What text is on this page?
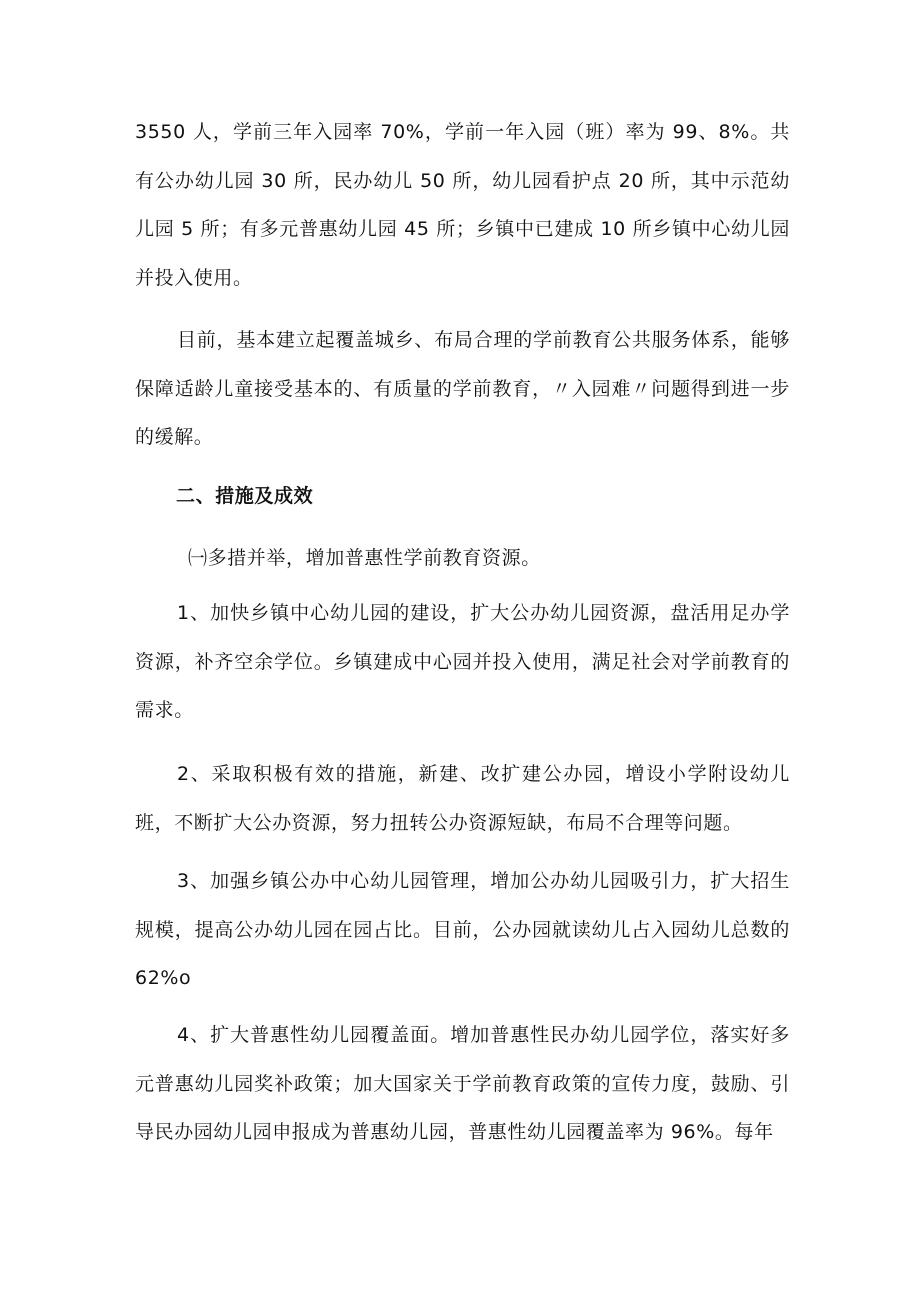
3550 人，学前三年入园率 70%，学前一年入园（班）率为 99、8%。共有公办幼儿园 30 所，民办幼儿 50 所，幼儿园看护点 20 所，其中示范幼儿园 5 所；有多元普惠幼儿园 45 所；乡镇中已建成 10 所乡镇中心幼儿园并投入使用。

目前，基本建立起覆盖城乡、布局合理的学前教育公共服务体系，能够保障适龄儿童接受基本的、有质量的学前教育，〃入园难〃问题得到进一步的缓解。

二、措施及成效

㈠多措并举，增加普惠性学前教育资源。

1、加快乡镇中心幼儿园的建设，扩大公办幼儿园资源，盘活用足办学资源，补齐空余学位。乡镇建成中心园并投入使用，满足社会对学前教育的需求。

2、采取积极有效的措施，新建、改扩建公办园，增设小学附设幼儿班，不断扩大公办资源，努力扭转公办资源短缺，布局不合理等问题。

3、加强乡镇公办中心幼儿园管理，增加公办幼儿园吸引力，扩大招生规模，提高公办幼儿园在园占比。目前，公办园就读幼儿占入园幼儿总数的 62%o

4、扩大普惠性幼儿园覆盖面。增加普惠性民办幼儿园学位，落实好多元普惠幼儿园奖补政策；加大国家关于学前教育政策的宣传力度，鼓励、引导民办园幼儿园申报成为普惠幼儿园，普惠性幼儿园覆盖率为 96%。每年
